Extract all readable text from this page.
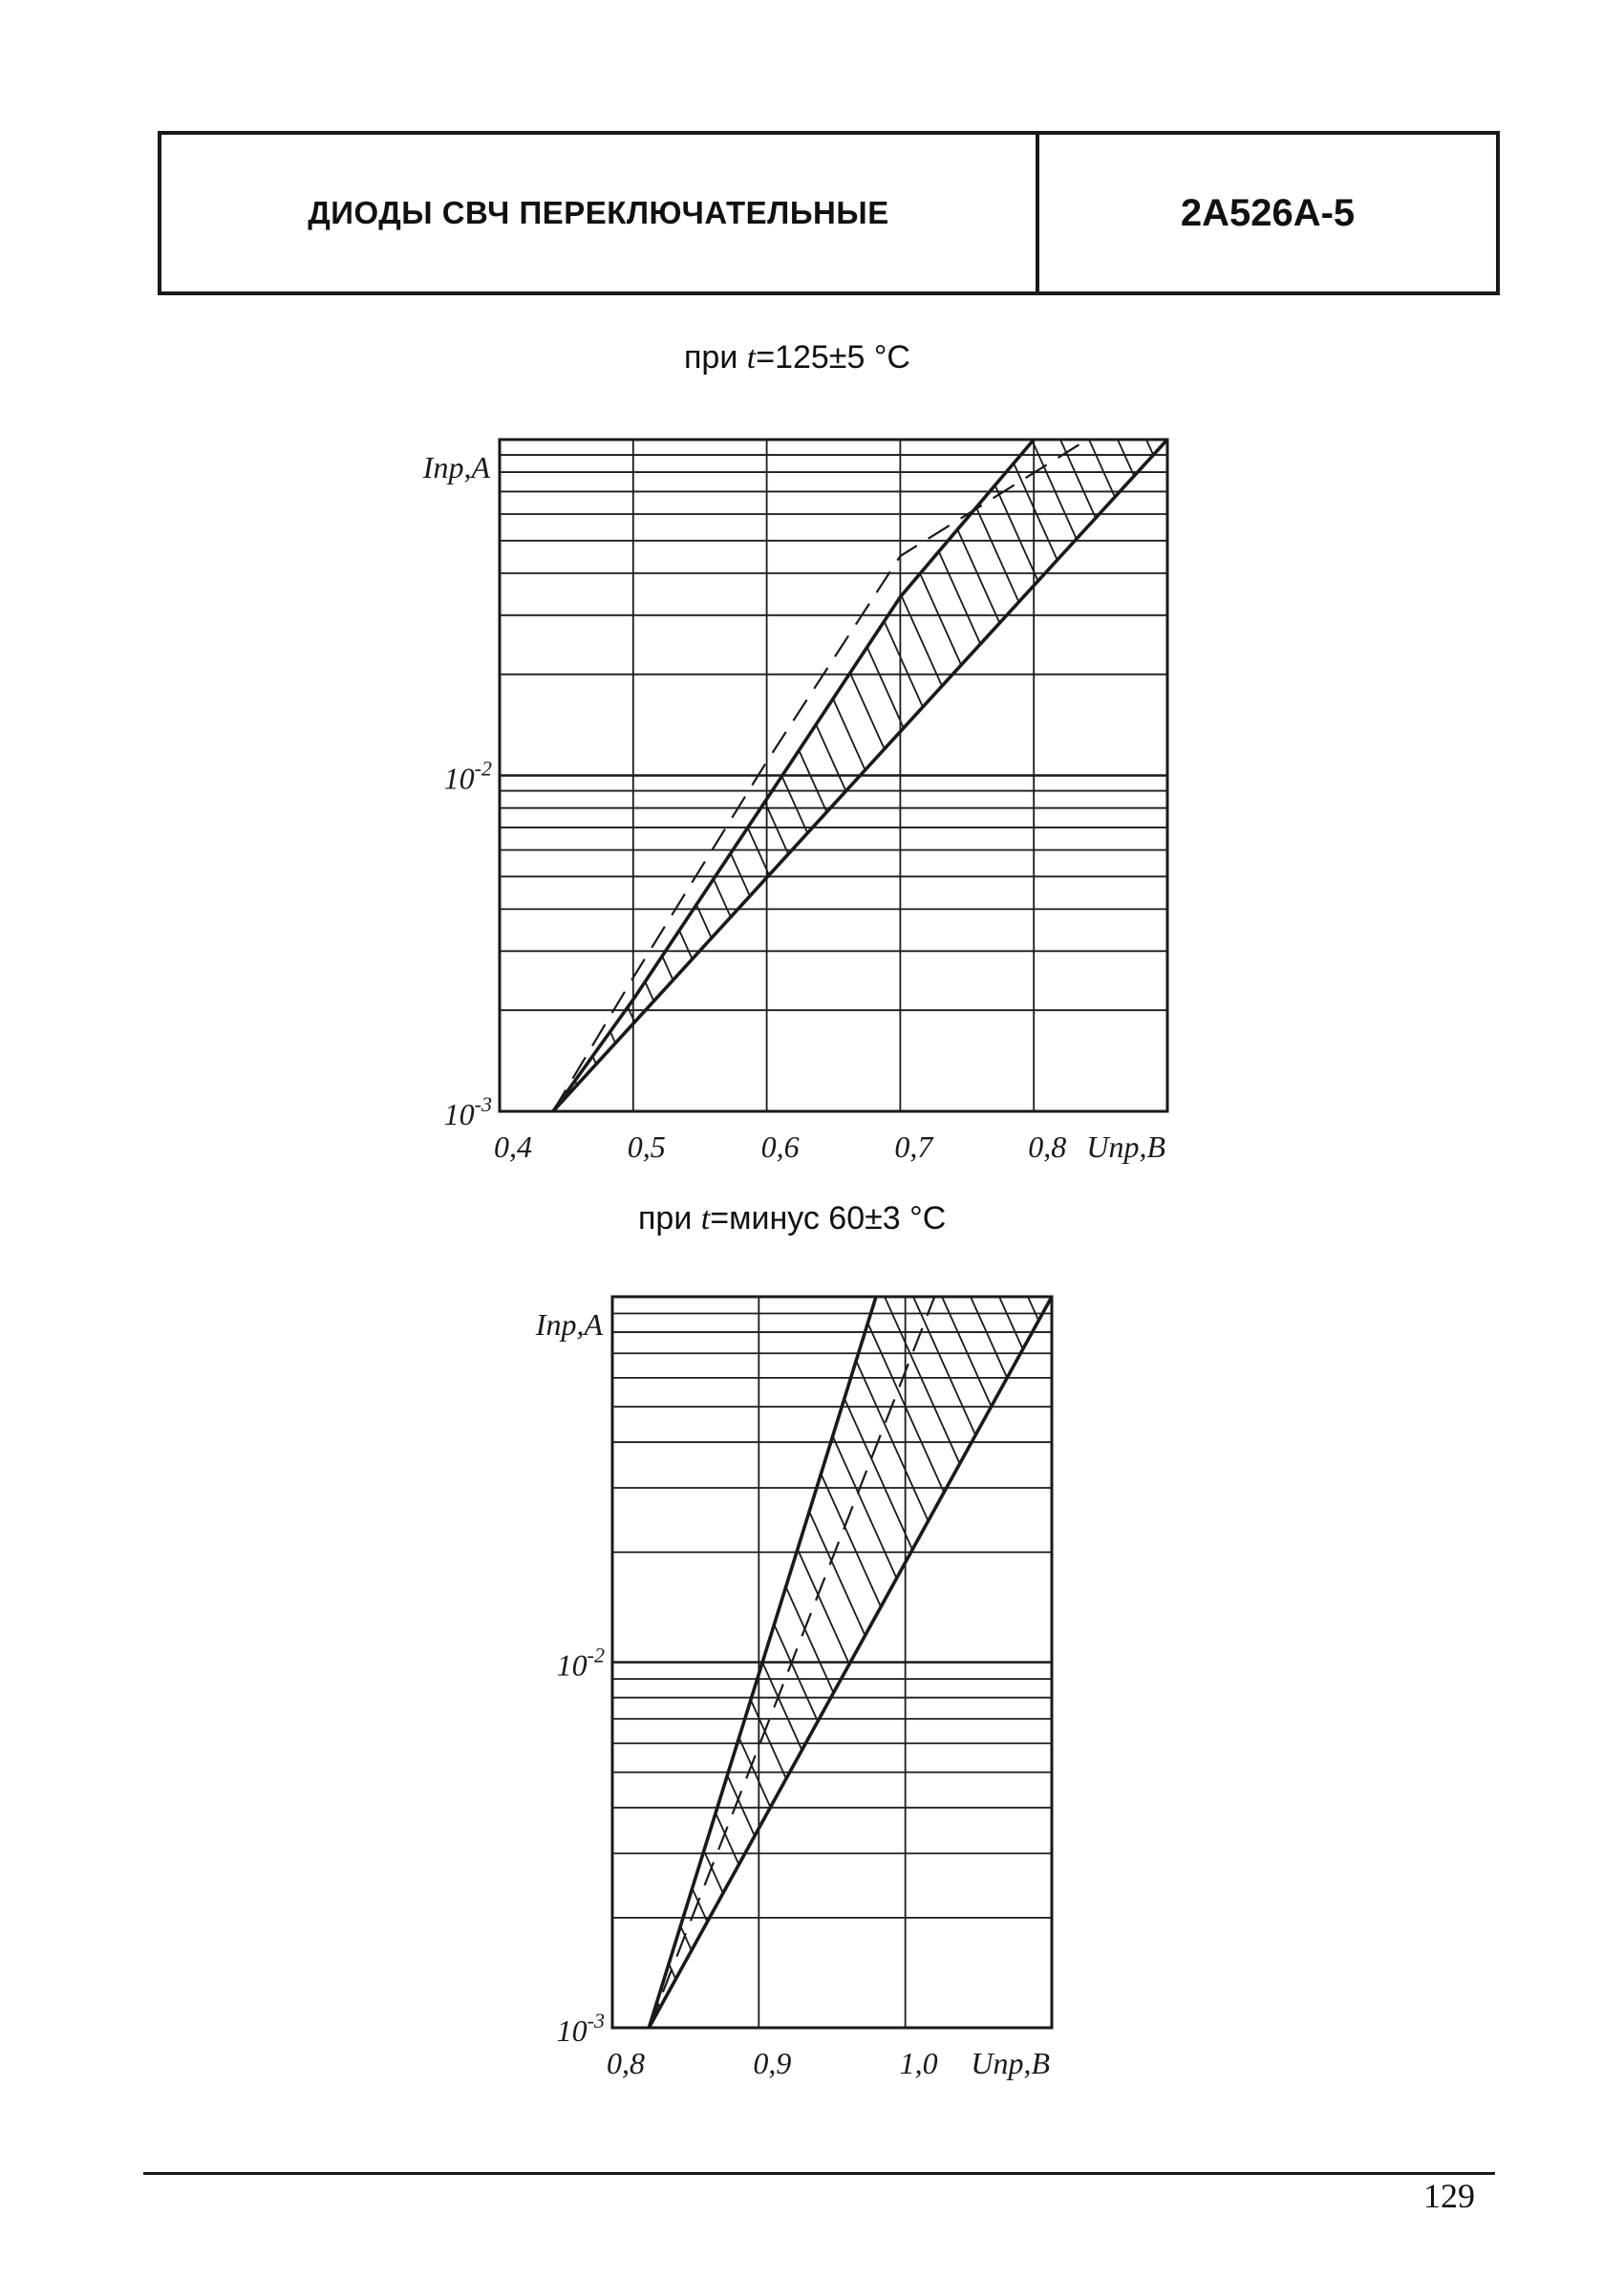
ДИОДЫ СВЧ ПЕРЕКЛЮЧАТЕЛЬНЫЕ	2А526А-5
при t=125±5 °С
0,4	0,5	0,6	0,7	0,8 Uпр,В
Iпр,А
$10^{-2}$
$10^{-3}$
при t=минус 60±3 °С
0,8	0,9	1,0 Uпр,В
Iпр,А
$10^{-2}$
$10^{-3}$
129
